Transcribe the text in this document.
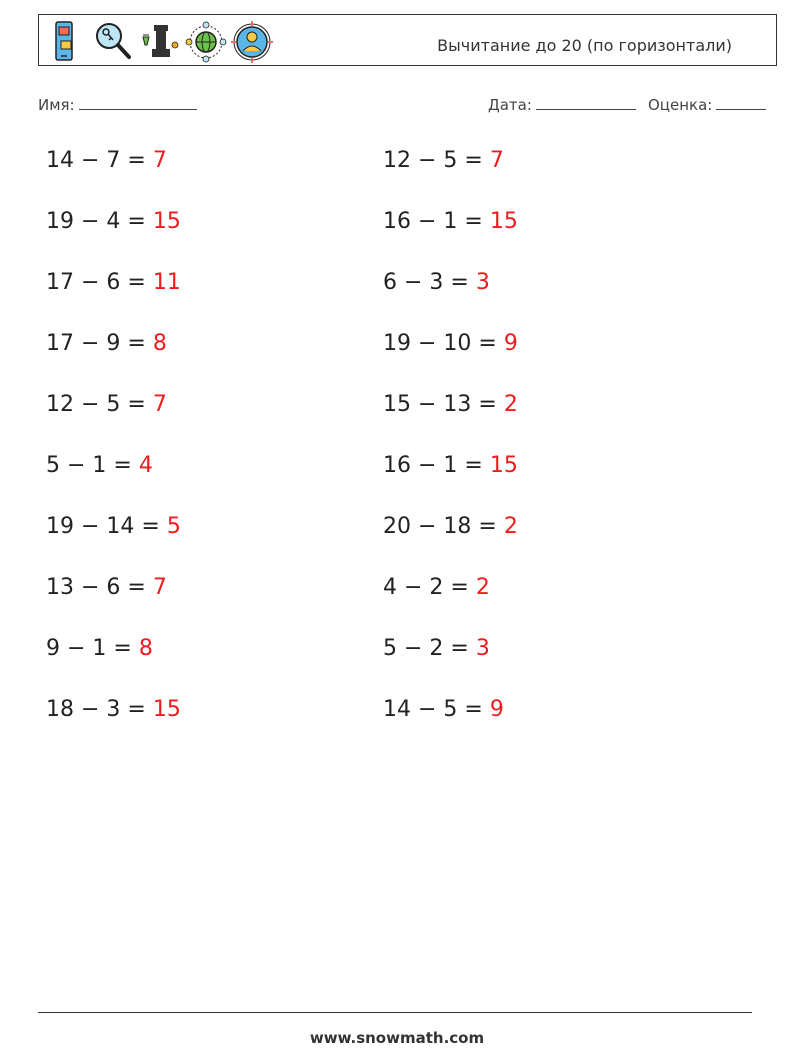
Вычитание до 20 (по горизонтали)
Имя:	Дата:	Оценка:
14 − 7 = 7
19 − 4 = 15
17 − 6 = 11
17 − 9 = 8
12 − 5 = 7
5 − 1 = 4
19 − 14 = 5
13 − 6 = 7
9 − 1 = 8
18 − 3 = 15
12 − 5 = 7
16 − 1 = 15
6 − 3 = 3
19 − 10 = 9
15 − 13 = 2
16 − 1 = 15
20 − 18 = 2
4 − 2 = 2
5 − 2 = 3
14 − 5 = 9
www.snowmath.com
